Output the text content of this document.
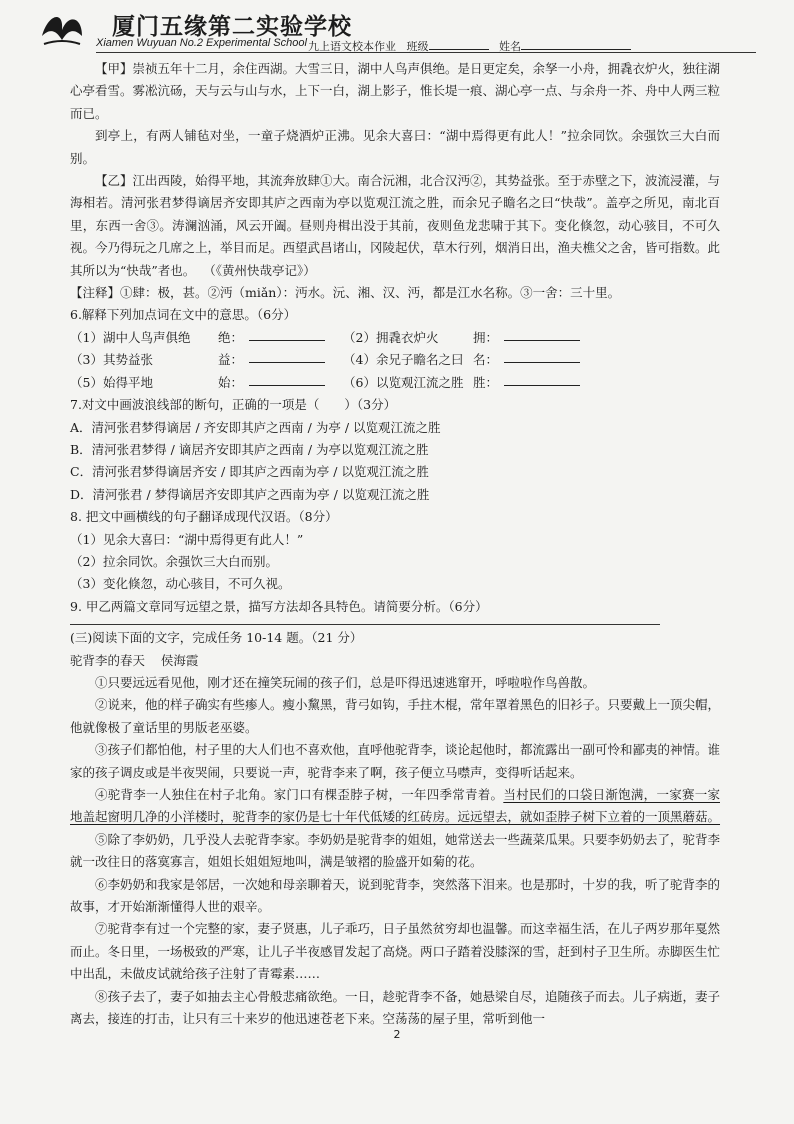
厦门五缘第二实验学校
Xiamen Wuyuan No.2 Experimental School 九上语文校本作业 班级	姓名

【甲】崇祯五年十二月，余住西湖。大雪三日，湖中人鸟声俱绝。是日更定矣，余孥一小舟，拥毳衣炉火，独往湖心亭看雪。雾凇沆砀，天与云与山与水，上下一白，湖上影子，惟长堤一痕、湖心亭一点、与余舟一芥、舟中人两三粒而已。

到亭上，有两人铺毡对坐，一童子烧酒炉正沸。见余大喜曰：“湖中焉得更有此人！”拉余同饮。余强饮三大白而别。

【乙】江出西陵，始得平地，其流奔放肆①大。南合沅湘，北合汉沔②，其势益张。至于赤壁之下，波流浸灌，与海相若。清河张君梦得谪居齐安即其庐之西南为亭以览观江流之胜，而余兄子瞻名之曰“快哉”。盖亭之所见，南北百里，东西一舍③。涛澜汹涌，风云开阖。昼则舟楫出没于其前，夜则鱼龙悲啸于其下。变化倏忽，动心骇目，不可久视。今乃得玩之几席之上，举目而足。西望武昌诸山，冈陵起伏，草木行列，烟消日出，渔夫樵父之舍，皆可指数。此其所以为“快哉”者也。 （《黄州快哉亭记》）

【注释】①肆：极，甚。②沔（miǎn）：沔水。沅、湘、汉、沔，都是江水名称。③一舍：三十里。

6.解释下列加点词在文中的意思。（6分）

（1）湖中人鸟声俱绝	绝：	（2）拥毳衣炉火	拥：
（3）其势益张	益：	（4）余兄子瞻名之曰 名：
（5）始得平地	始：	（6）以览观江流之胜 胜：

7.对文中画波浪线部的断句，正确的一项是（　　）（3分）

A．清河张君梦得谪居 / 齐安即其庐之西南 / 为亭 / 以览观江流之胜

B．清河张君梦得 / 谪居齐安即其庐之西南 / 为亭以览观江流之胜

C．清河张君梦得谪居齐安 / 即其庐之西南为亭 / 以览观江流之胜

D．清河张君 / 梦得谪居齐安即其庐之西南为亭 / 以览观江流之胜

8. 把文中画横线的句子翻译成现代汉语。（8分）

（1）见余大喜曰：“湖中焉得更有此人！”

（2）拉余同饮。余强饮三大白而别。

（3）变化倏忽，动心骇目，不可久视。

9. 甲乙两篇文章同写远望之景，描写方法却各具特色。请简要分析。（6分）

(三)阅读下面的文字，完成任务 10-14 题。（21 分）

驼背李的春天 侯海霞

①只要远远看见他，刚才还在撞笑玩闹的孩子们，总是吓得迅速逃窜开，呼啦啦作鸟兽散。

②说来，他的样子确实有些瘆人。瘦小黧黑，背弓如钩，手拄木棍，常年罩着黑色的旧衫子。只要戴上一顶尖帽，他就像极了童话里的男版老巫婆。

③孩子们都怕他，村子里的大人们也不喜欢他，直呼他驼背李，谈论起他时，都流露出一副可怜和鄙夷的神情。谁家的孩子调皮或是半夜哭闹，只要说一声，驼背李来了啊，孩子便立马噤声，变得听话起来。

④驼背李一人独住在村子北角。家门口有棵歪脖子树，一年四季常青着。当村民们的口袋日渐饱满，一家赛一家地盖起窗明几净的小洋楼时，驼背李的家仍是七十年代低矮的红砖房。远远望去，就如歪脖子树下立着的一顶黑蘑菇。

⑤除了李奶奶，几乎没人去驼背李家。李奶奶是驼背李的姐姐，她常送去一些蔬菜瓜果。只要李奶奶去了，驼背李就一改往日的落寞寡言，姐姐长姐姐短地叫，满是皱褶的脸盛开如菊的花。

⑥李奶奶和我家是邻居，一次她和母亲聊着天，说到驼背李，突然落下泪来。也是那时，十岁的我，听了驼背李的故事，才开始渐渐懂得人世的艰辛。

⑦驼背李有过一个完整的家，妻子贤惠，儿子乖巧，日子虽然贫穷却也温馨。而这幸福生活，在儿子两岁那年戛然而止。冬日里，一场极致的严寒，让儿子半夜感冒发起了高烧。两口子踏着没膝深的雪，赶到村子卫生所。赤脚医生忙中出乱，未做皮试就给孩子注射了青霉素……

⑧孩子去了，妻子如抽去主心骨般悲痛欲绝。一日，趁驼背李不备，她悬梁自尽，追随孩子而去。儿子病逝，妻子离去，接连的打击，让只有三十来岁的他迅速苍老下来。空荡荡的屋子里，常听到他一

2
